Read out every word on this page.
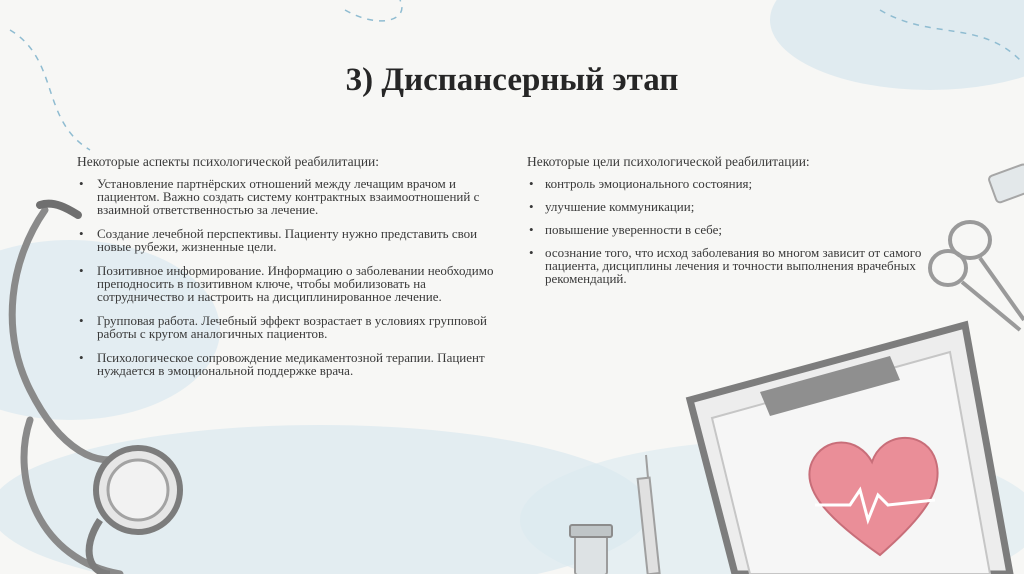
3) Диспансерный этап
Некоторые аспекты психологической реабилитации:
• Установление партнёрских отношений между лечащим врачом и пациентом. Важно создать систему контрактных взаимоотношений с взаимной ответственностью за лечение.
• Создание лечебной перспективы. Пациенту нужно представить свои новые рубежи, жизненные цели.
• Позитивное информирование. Информацию о заболевании необходимо преподносить в позитивном ключе, чтобы мобилизовать на сотрудничество и настроить на дисциплинированное лечение.
• Групповая работа. Лечебный эффект возрастает в условиях групповой работы с кругом аналогичных пациентов.
• Психологическое сопровождение медикаментозной терапии. Пациент нуждается в эмоциональной поддержке врача.
Некоторые цели психологической реабилитации:
• контроль эмоционального состояния;
• улучшение коммуникации;
• повышение уверенности в себе;
• осознание того, что исход заболевания во многом зависит от самого пациента, дисциплины лечения и точности выполнения врачебных рекомендаций.
